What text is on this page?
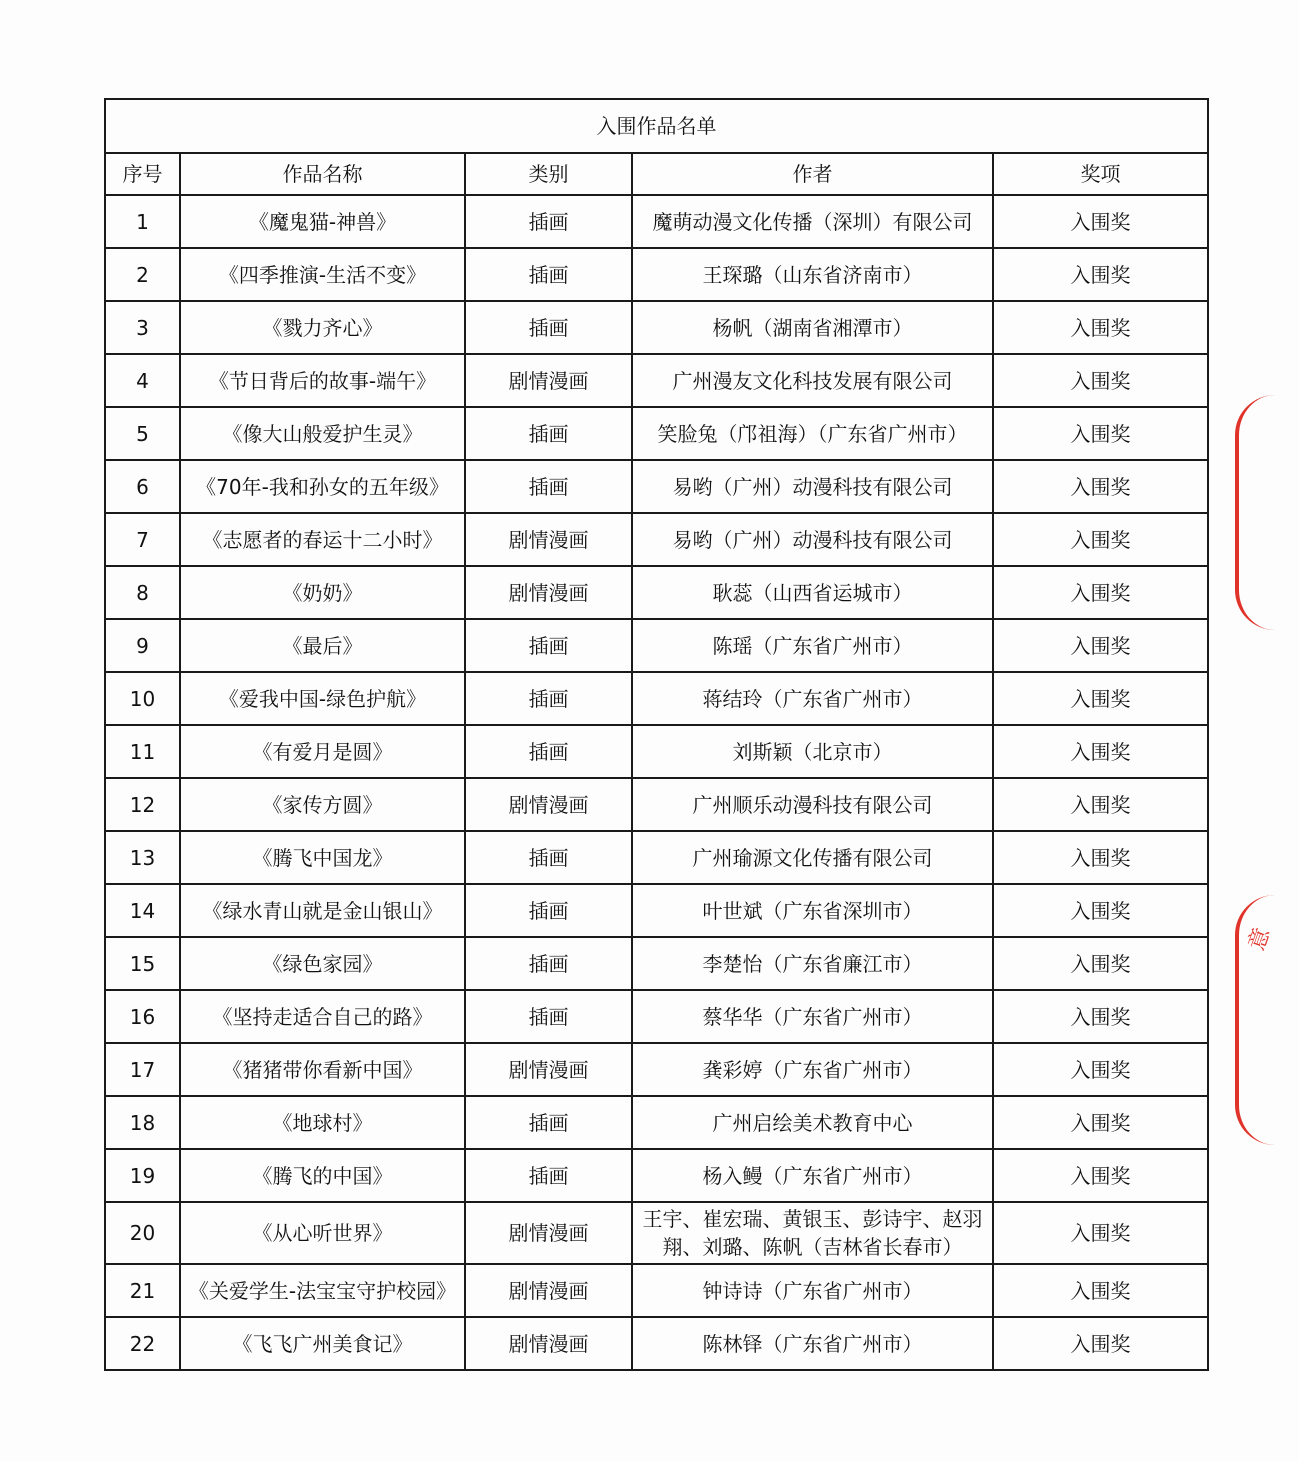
入围作品名单				
序号	作品名称	类别	作者	奖项
1	《魔鬼猫-神兽》	插画	魔萌动漫文化传播（深圳）有限公司	入围奖
2	《四季推演-生活不变》	插画	王琛璐（山东省济南市）	入围奖
3	《戮力齐心》	插画	杨帆（湖南省湘潭市）	入围奖
4	《节日背后的故事-端午》	剧情漫画	广州漫友文化科技发展有限公司	入围奖
5	《像大山般爱护生灵》	插画	笑脸兔（邝祖海）（广东省广州市）	入围奖
6	《70年-我和孙女的五年级》	插画	易哟（广州）动漫科技有限公司	入围奖
7	《志愿者的春运十二小时》	剧情漫画	易哟（广州）动漫科技有限公司	入围奖
8	《奶奶》	剧情漫画	耿蕊（山西省运城市）	入围奖
9	《最后》	插画	陈瑶（广东省广州市）	入围奖
10	《爱我中国-绿色护航》	插画	蒋结玲（广东省广州市）	入围奖
11	《有爱月是圆》	插画	刘斯颖（北京市）	入围奖
12	《家传方圆》	剧情漫画	广州顺乐动漫科技有限公司	入围奖
13	《腾飞中国龙》	插画	广州瑜源文化传播有限公司	入围奖
14	《绿水青山就是金山银山》	插画	叶世斌（广东省深圳市）	入围奖
15	《绿色家园》	插画	李楚怡（广东省廉江市）	入围奖
16	《坚持走适合自己的路》	插画	蔡华华（广东省广州市）	入围奖
17	《猪猪带你看新中国》	剧情漫画	龚彩婷（广东省广州市）	入围奖
18	《地球村》	插画	广州启绘美术教育中心	入围奖
19	《腾飞的中国》	插画	杨入鳗（广东省广州市）	入围奖
20	《从心听世界》	剧情漫画	王宇、崔宏瑞、黄银玉、彭诗宇、赵羽
翔、刘璐、陈帆（吉林省长春市）	入围奖
21	《关爱学生-法宝宝守护校园》	剧情漫画	钟诗诗（广东省广州市）	入围奖
22	《飞飞广州美食记》	剧情漫画	陈林铎（广东省广州市）	入围奖
意
